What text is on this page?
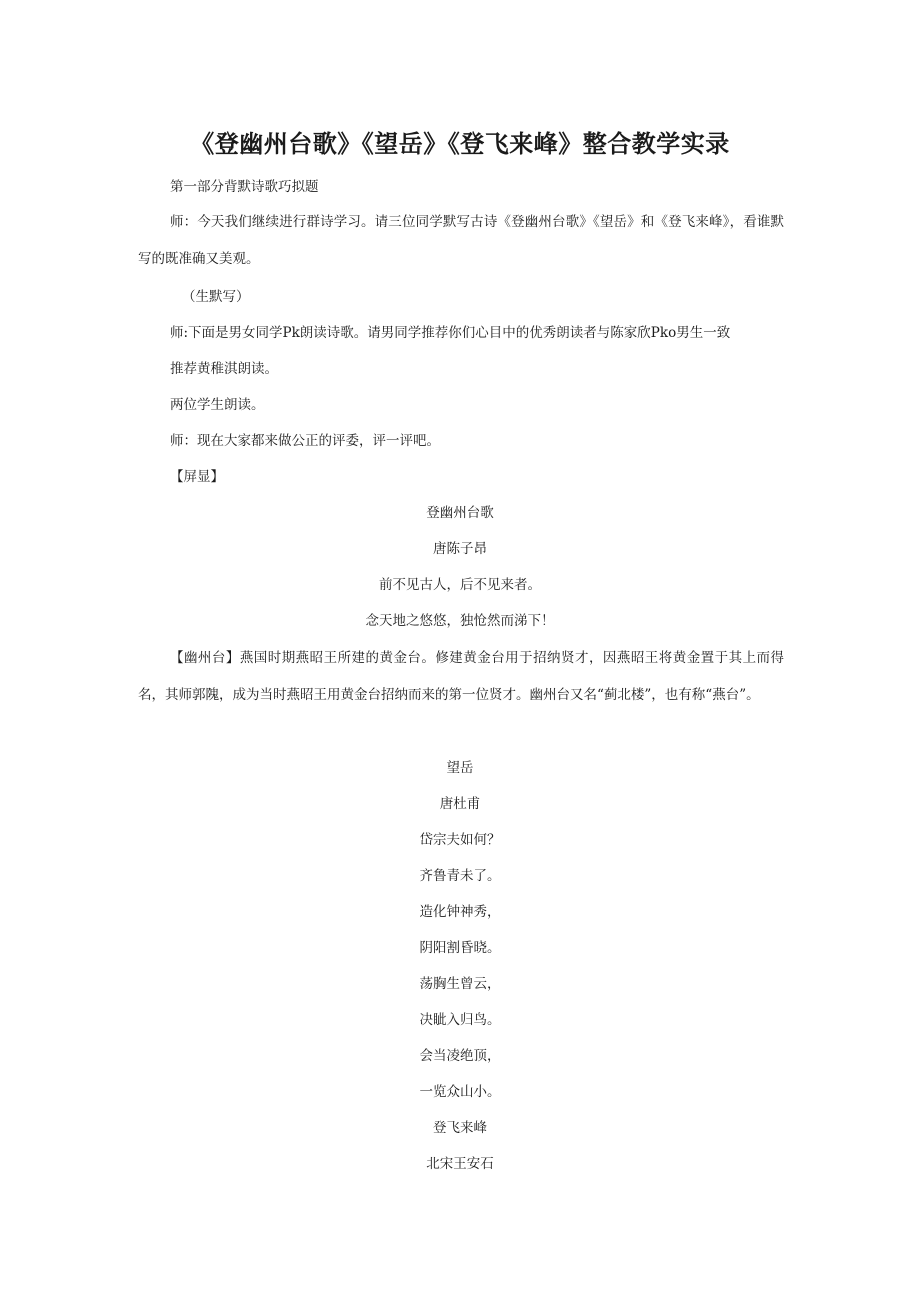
《登幽州台歌》《望岳》《登飞来峰》整合教学实录
第一部分背默诗歌巧拟题
师：今天我们继续进行群诗学习。请三位同学默写古诗《登幽州台歌》《望岳》和《登飞来峰》，看谁默写的既准确又美观。
（生默写）
师:下面是男女同学Pk朗读诗歌。请男同学推荐你们心目中的优秀朗读者与陈家欣Pko男生一致
推荐黄稚淇朗读。
两位学生朗读。
师：现在大家都来做公正的评委，评一评吧。
【屏显】
登幽州台歌
唐陈子昂
前不见古人，后不见来者。
念天地之悠悠，独怆然而涕下！
【幽州台】燕国时期燕昭王所建的黄金台。修建黄金台用于招纳贤才，因燕昭王将黄金置于其上而得名，其师郭隗，成为当时燕昭王用黄金台招纳而来的第一位贤才。幽州台又名“蓟北楼”，也有称“燕台”。
望岳
唐杜甫
岱宗夫如何？
齐鲁青未了。
造化钟神秀，
阴阳割昏晓。
荡胸生曾云，
决眦入归鸟。
会当凌绝顶，
一览众山小。
登飞来峰
北宋王安石
